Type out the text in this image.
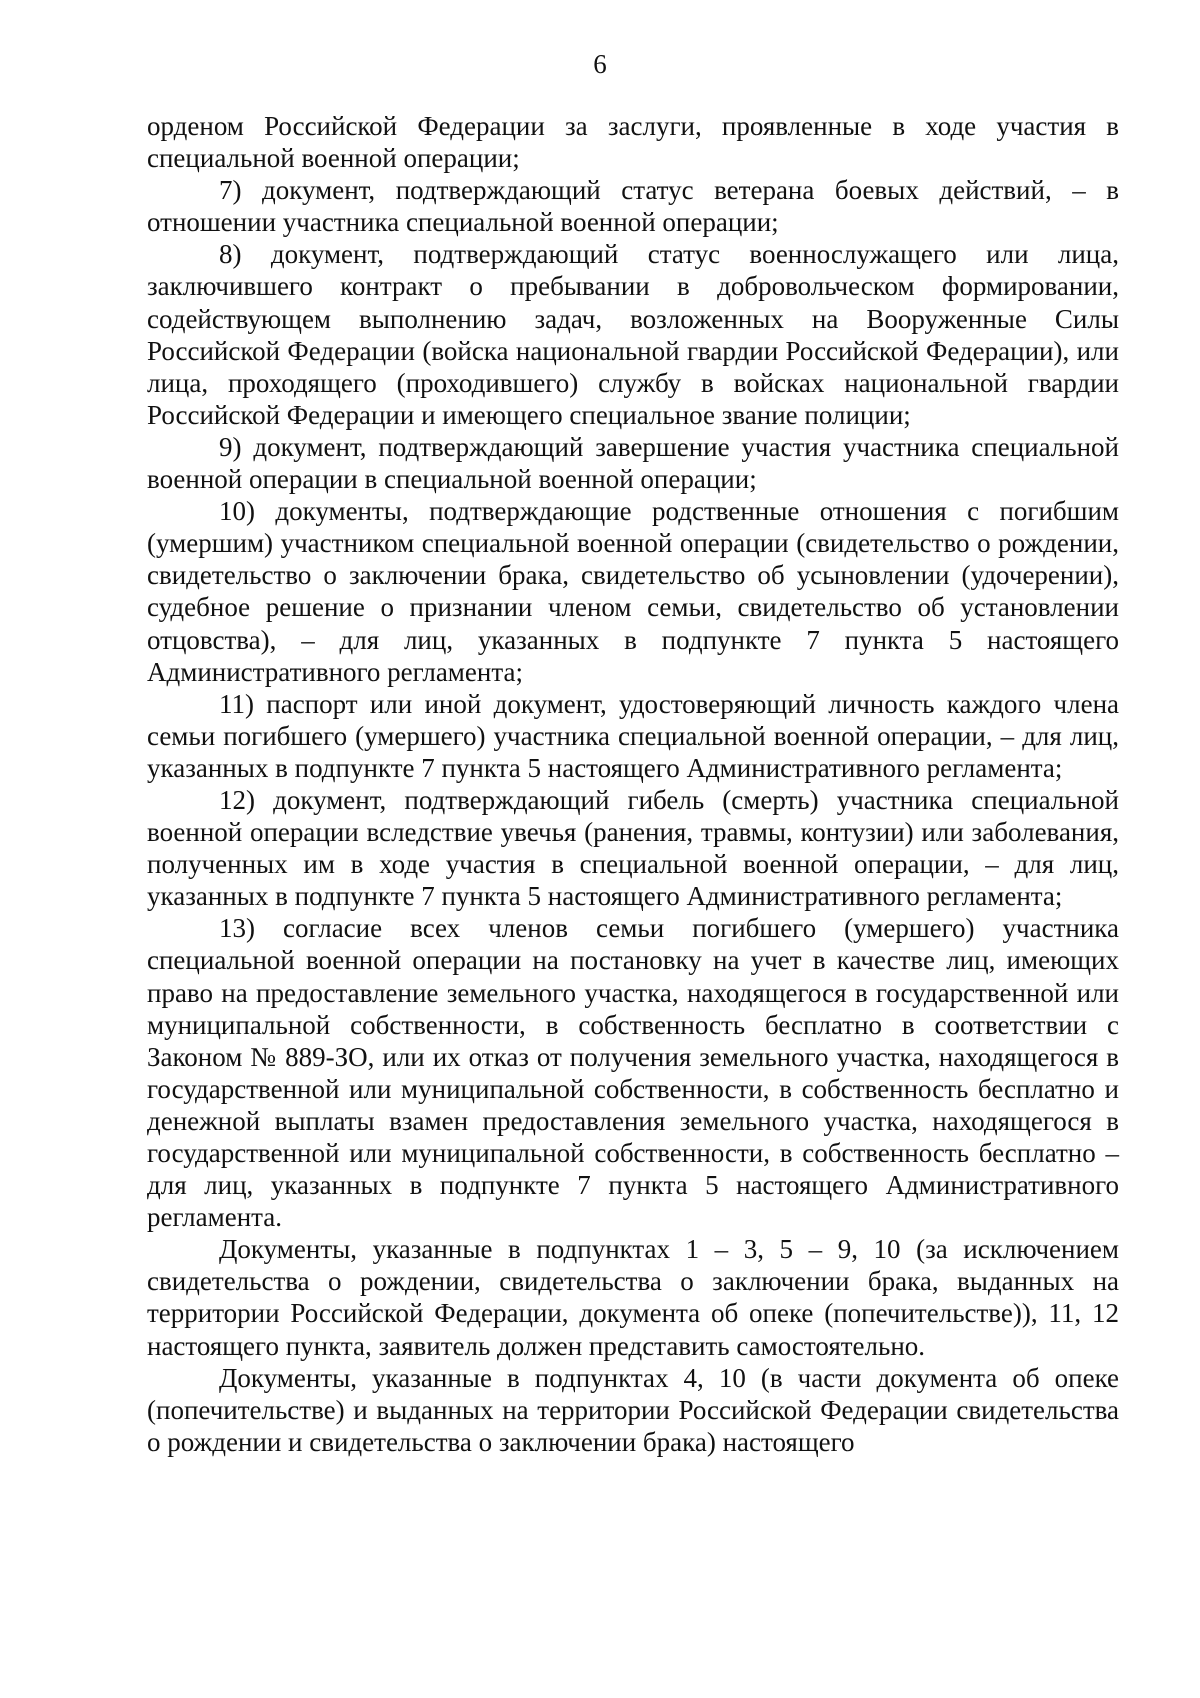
6

орденом Российской Федерации за заслуги, проявленные в ходе участия в специальной военной операции;

7) документ, подтверждающий статус ветерана боевых действий, – в отношении участника специальной военной операции;

8) документ, подтверждающий статус военнослужащего или лица, заключившего контракт о пребывании в добровольческом формировании, содействующем выполнению задач, возложенных на Вооруженные Силы Российской Федерации (войска национальной гвардии Российской Федерации), или лица, проходящего (проходившего) службу в войсках национальной гвардии Российской Федерации и имеющего специальное звание полиции;

9) документ, подтверждающий завершение участия участника специальной военной операции в специальной военной операции;

10) документы, подтверждающие родственные отношения с погибшим (умершим) участником специальной военной операции (свидетельство о рождении, свидетельство о заключении брака, свидетельство об усыновлении (удочерении), судебное решение о признании членом семьи, свидетельство об установлении отцовства), – для лиц, указанных в подпункте 7 пункта 5 настоящего Административного регламента;

11) паспорт или иной документ, удостоверяющий личность каждого члена семьи погибшего (умершего) участника специальной военной операции, – для лиц, указанных в подпункте 7 пункта 5 настоящего Административного регламента;

12) документ, подтверждающий гибель (смерть) участника специальной военной операции вследствие увечья (ранения, травмы, контузии) или заболевания, полученных им в ходе участия в специальной военной операции, – для лиц, указанных в подпункте 7 пункта 5 настоящего Административного регламента;

13) согласие всех членов семьи погибшего (умершего) участника специальной военной операции на постановку на учет в качестве лиц, имеющих право на предоставление земельного участка, находящегося в государственной или муниципальной собственности, в собственность бесплатно в соответствии с Законом № 889-ЗО, или их отказ от получения земельного участка, находящегося в государственной или муниципальной собственности, в собственность бесплатно и денежной выплаты взамен предоставления земельного участка, находящегося в государственной или муниципальной собственности, в собственность бесплатно – для лиц, указанных в подпункте 7 пункта 5 настоящего Административного регламента.

Документы, указанные в подпунктах 1 – 3, 5 – 9, 10 (за исключением свидетельства о рождении, свидетельства о заключении брака, выданных на территории Российской Федерации, документа об опеке (попечительстве)), 11, 12 настоящего пункта, заявитель должен представить самостоятельно.

Документы, указанные в подпунктах 4, 10 (в части документа об опеке (попечительстве) и выданных на территории Российской Федерации свидетельства о рождении и свидетельства о заключении брака) настоящего
